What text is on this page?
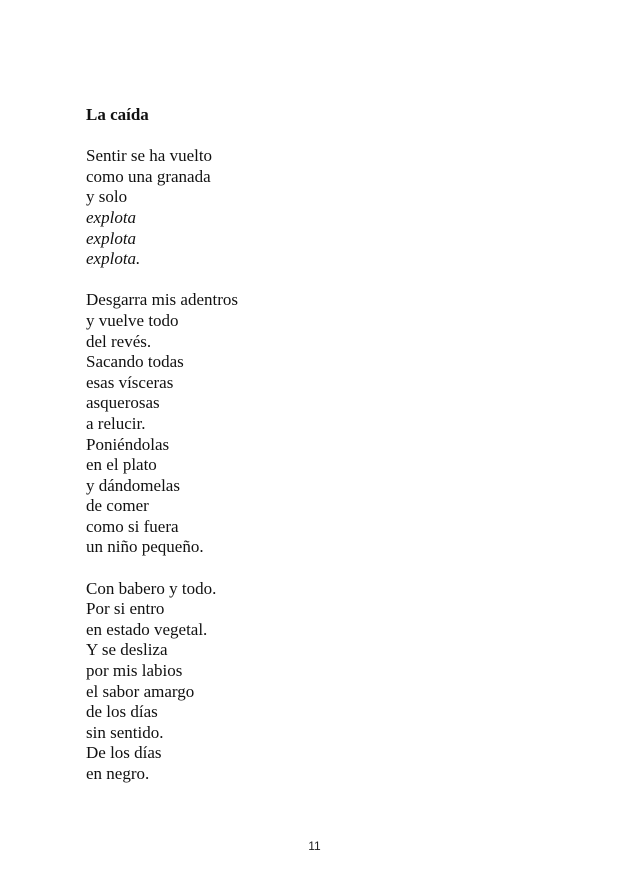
La caída
Sentir se ha vuelto
como una granada
y solo
explota
explota
explota.
Desgarra mis adentros
y vuelve todo
del revés.
Sacando todas
esas vísceras
asquerosas
a relucir.
Poniéndolas
en el plato
y dándomelas
de comer
como si fuera
un niño pequeño.
Con babero y todo.
Por si entro
en estado vegetal.
Y se desliza
por mis labios
el sabor amargo
de los días
sin sentido.
De los días
en negro.
11
